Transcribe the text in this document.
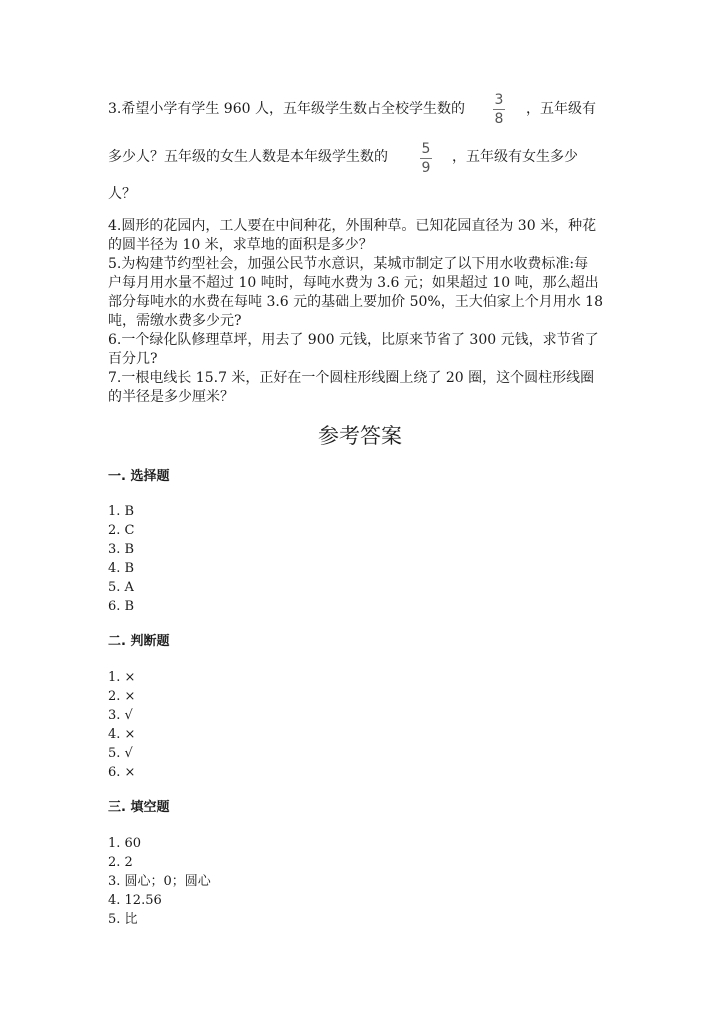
3.希望小学有学生 960 人，五年级学生数占全校学生数的
3
8
，五年级有
多少人？五年级的女生人数是本年级学生数的 5
9
，五年级有女生多少
人？
4.圆形的花园内，工人要在中间种花，外围种草。已知花园直径为 30 米，种花
的圆半径为 10 米，求草地的面积是多少？
5.为构建节约型社会，加强公民节水意识，某城市制定了以下用水收费标准:每
户每月用水量不超过 10 吨时，每吨水费为 3.6 元；如果超过 10 吨，那么超出
部分每吨水的水费在每吨 3.6 元的基础上要加价 50%，王大伯家上个月用水 18
吨，需缴水费多少元?
6.一个绿化队修理草坪，用去了 900 元钱，比原来节省了 300 元钱，求节省了
百分几?
7.一根电线长 15.7 米，正好在一个圆柱形线圈上绕了 20 圈，这个圆柱形线圈
的半径是多少厘米？
参考答案
一. 选择题
1. B
2. C
3. B
4. B
5. A
6. B
二. 判断题
1. ×
2. ×
3. √
4. ×
5. √
6. ×
三. 填空题
1. 60
2. 2
3. 圆心；0；圆心
4. 12.56
5. 比
